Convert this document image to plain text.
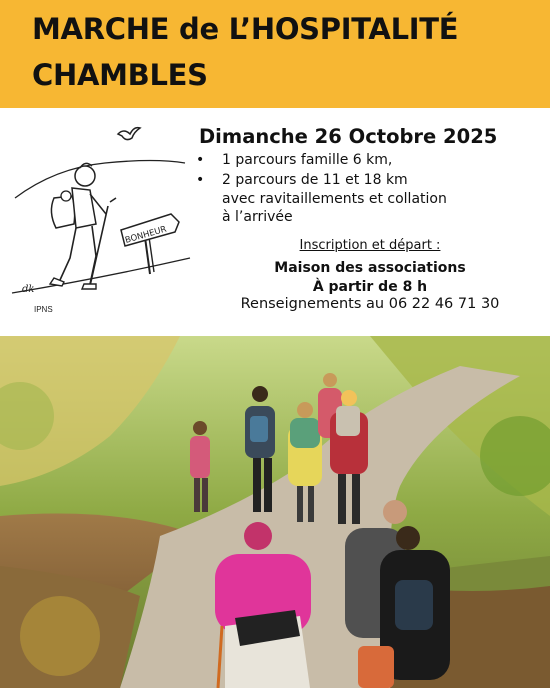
MARCHE de L’HOSPITALITÉ
CHAMBLES
BONHEUR
dk
IPNS
Dimanche 26 Octobre 2025
• 1 parcours famille 6 km,
• 2 parcours de 11 et 18 km
avec ravitaillements et collation
à l’arrivée
Inscription et départ :
Maison des associations
À partir de 8 h
Renseignements au 06 22 46 71 30
